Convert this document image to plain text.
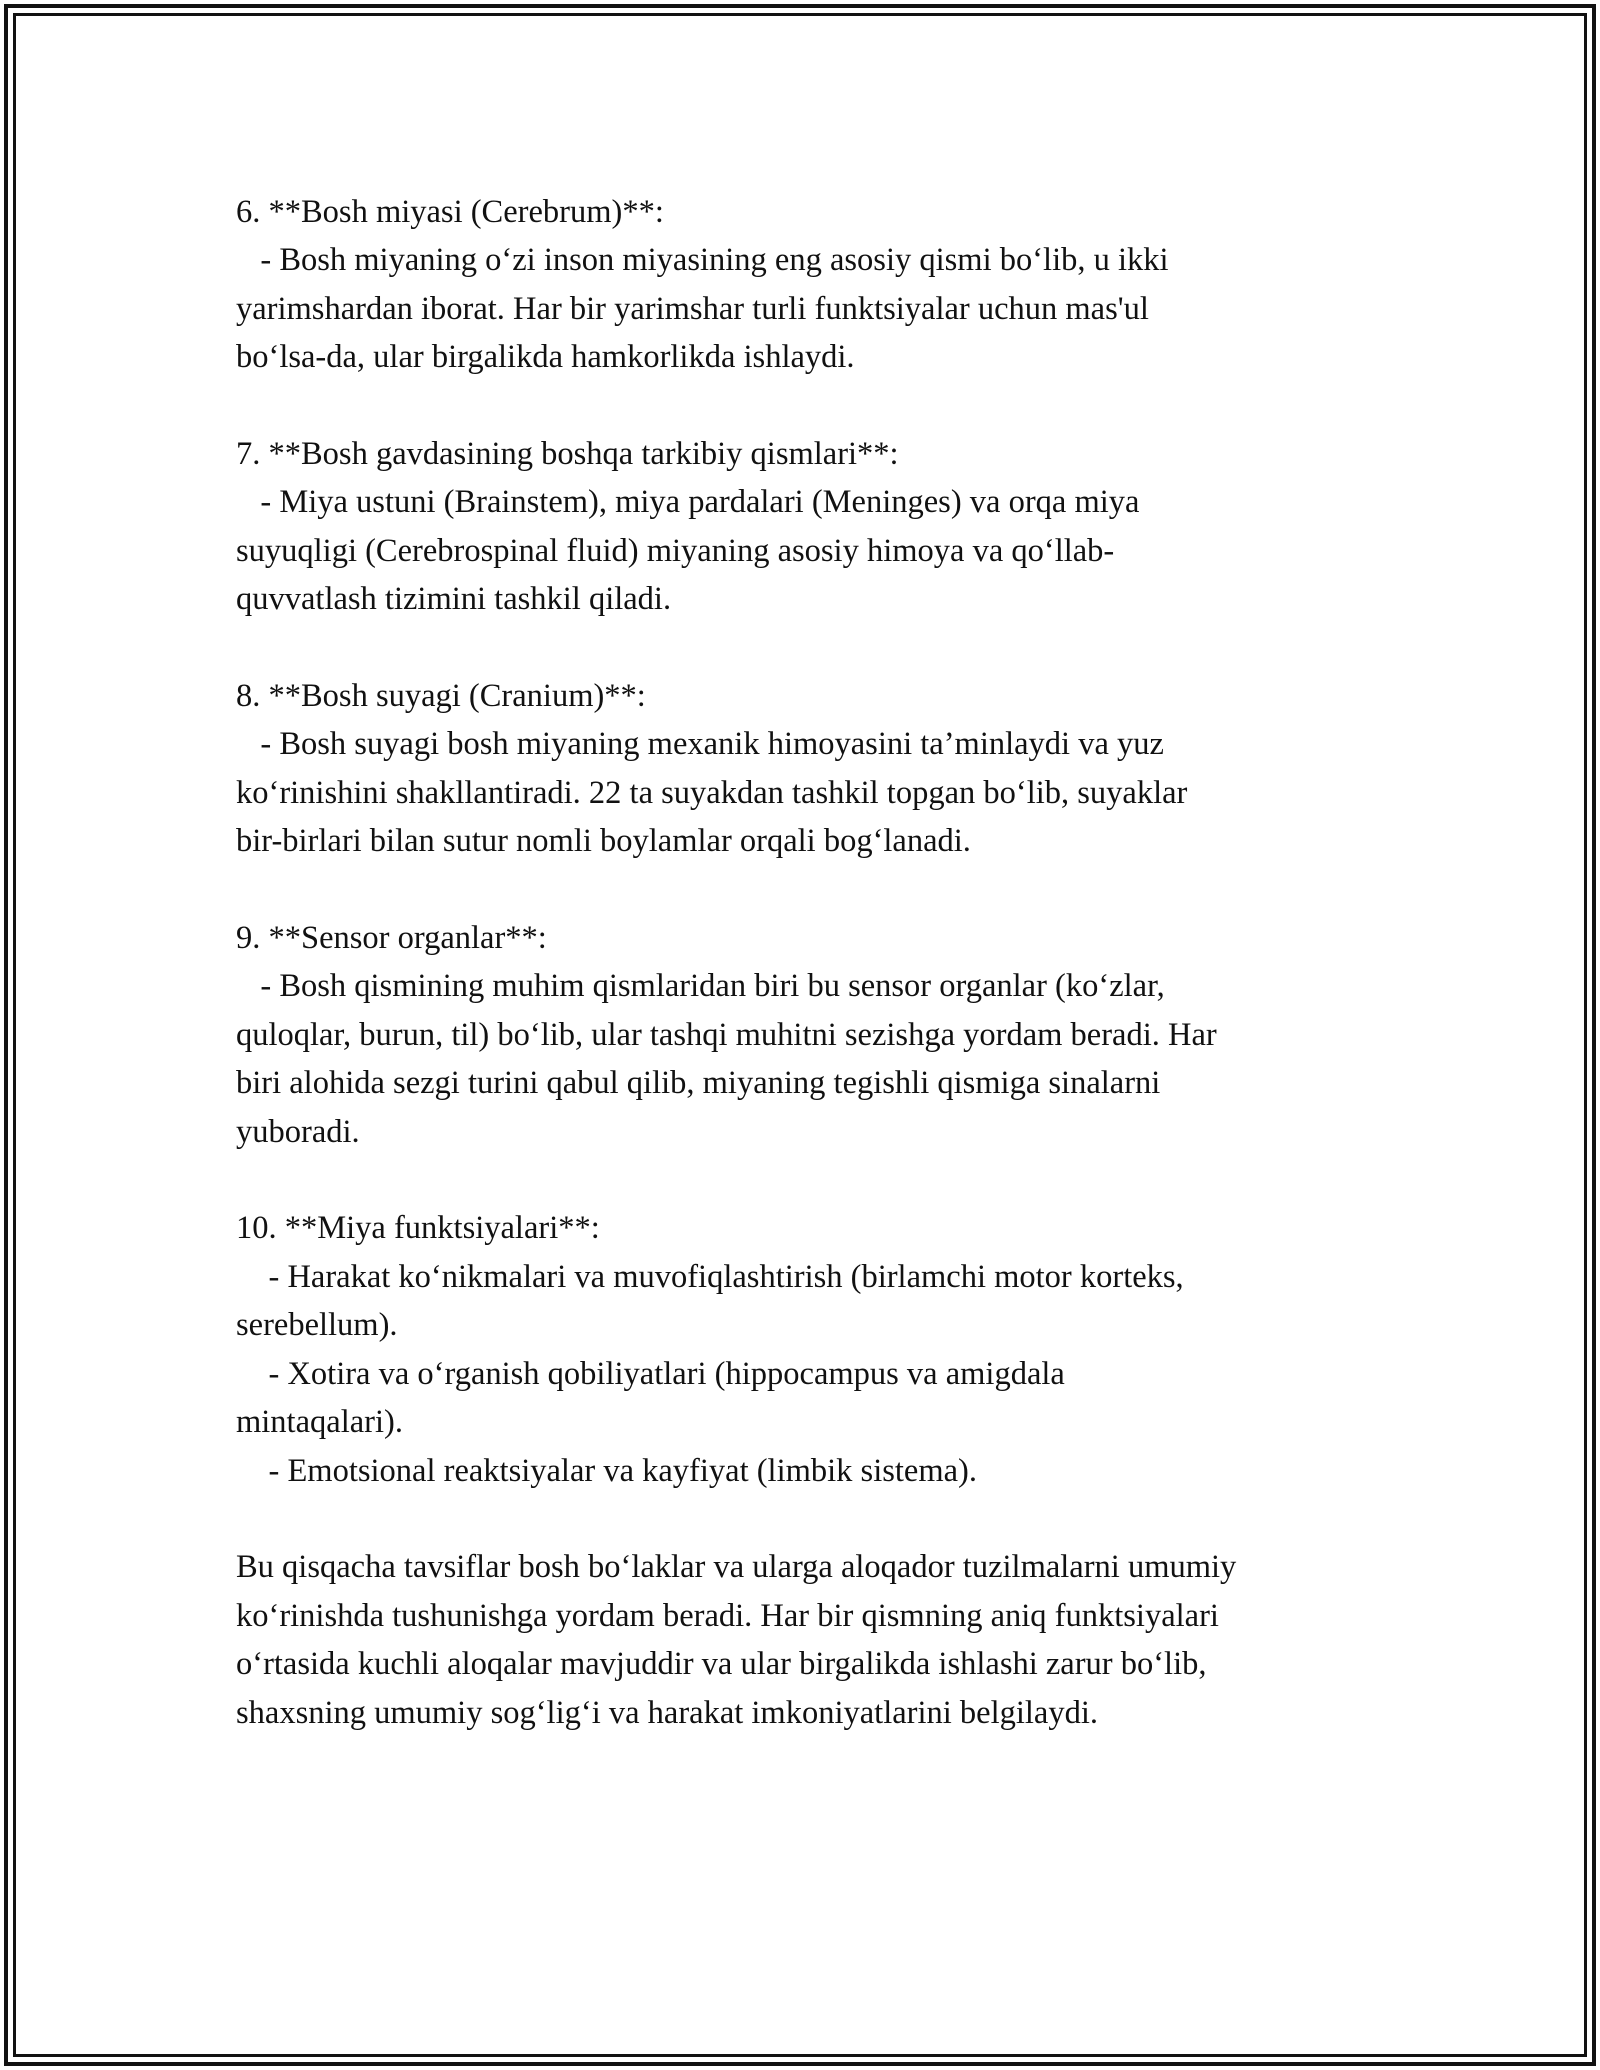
6. **Bosh miyasi (Cerebrum)**:

- Bosh miyaning o‘zi inson miyasining eng asosiy qismi bo‘lib, u ikki

yarimshardan iborat. Har bir yarimshar turli funktsiyalar uchun mas'ul

bo‘lsa-da, ular birgalikda hamkorlikda ishlaydi.

7. **Bosh gavdasining boshqa tarkibiy qismlari**:

- Miya ustuni (Brainstem), miya pardalari (Meninges) va orqa miya

suyuqligi (Cerebrospinal fluid) miyaning asosiy himoya va qo‘llab-

quvvatlash tizimini tashkil qiladi.

8. **Bosh suyagi (Cranium)**:

- Bosh suyagi bosh miyaning mexanik himoyasini ta’minlaydi va yuz

ko‘rinishini shakllantiradi. 22 ta suyakdan tashkil topgan bo‘lib, suyaklar

bir-birlari bilan sutur nomli boylamlar orqali bog‘lanadi.

9. **Sensor organlar**:

- Bosh qismining muhim qismlaridan biri bu sensor organlar (ko‘zlar,

quloqlar, burun, til) bo‘lib, ular tashqi muhitni sezishga yordam beradi. Har

biri alohida sezgi turini qabul qilib, miyaning tegishli qismiga sinalarni

yuboradi.

10. **Miya funktsiyalari**:

- Harakat ko‘nikmalari va muvofiqlashtirish (birlamchi motor korteks,

serebellum).

- Xotira va o‘rganish qobiliyatlari (hippocampus va amigdala

mintaqalari).

- Emotsional reaktsiyalar va kayfiyat (limbik sistema).

Bu qisqacha tavsiflar bosh bo‘laklar va ularga aloqador tuzilmalarni umumiy

ko‘rinishda tushunishga yordam beradi. Har bir qismning aniq funktsiyalari

o‘rtasida kuchli aloqalar mavjuddir va ular birgalikda ishlashi zarur bo‘lib,

shaxsning umumiy sog‘lig‘i va harakat imkoniyatlarini belgilaydi.
